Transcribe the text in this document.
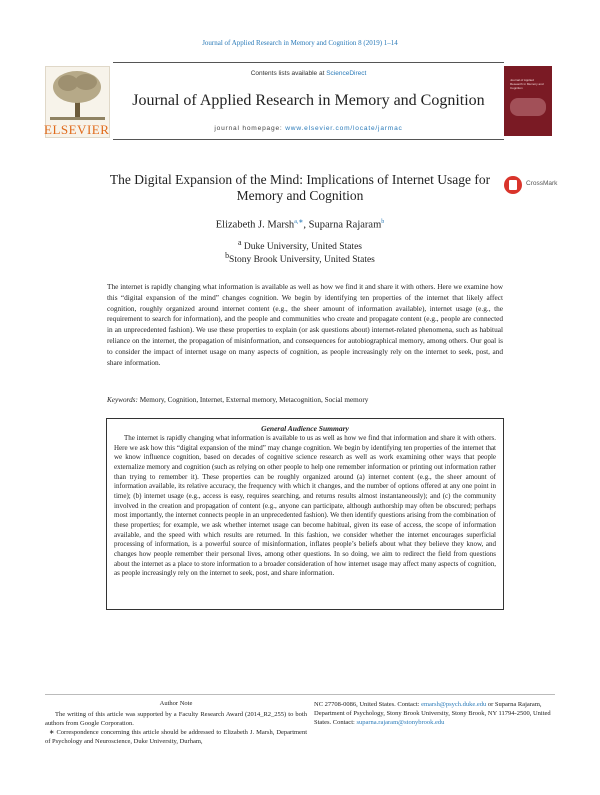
Journal of Applied Research in Memory and Cognition 8 (2019) 1–14
ELSEVIER
Contents lists available at ScienceDirect
Journal of Applied Research in Memory and Cognition
journal homepage: www.elsevier.com/locate/jarmac
Journal of Applied Research in Memory and Cognition
The Digital Expansion of the Mind: Implications of Internet Usage for Memory and Cognition
CrossMark
Elizabeth J. Marsh$^{a,∗}$, Suparna Rajaram$^b$
$^a$ Duke University, United States
$^b$Stony Brook University, United States
The internet is rapidly changing what information is available as well as how we find it and share it with others. Here we examine how this “digital expansion of the mind” changes cognition. We begin by identifying ten properties of the internet that likely affect cognition, roughly organized around internet content (e.g., the sheer amount of information available), internet usage (e.g., the requirement to search for information), and the people and communities who create and propagate content (e.g., people are connected in an unprecedented fashion). We use these properties to explain (or ask questions about) internet-related phenomena, such as habitual reliance on the internet, the propagation of misinformation, and consequences for autobiographical memory, among others. Our goal is to consider the impact of internet usage on many aspects of cognition, as people increasingly rely on the internet to seek, post, and share information.
Keywords: Memory, Cognition, Internet, External memory, Metacognition, Social memory
General Audience Summary
The internet is rapidly changing what information is available to us as well as how we find that information and share it with others. Here we ask how this “digital expansion of the mind” may change cognition. We begin by identifying ten properties of the internet that we know influence cognition, based on decades of cognitive science research as well as work examining other ways that people externalize memory and cognition (such as relying on other people to help one remember information or printing out information rather than trying to remember it). These properties can be roughly organized around (a) internet content (e.g., the sheer amount of information available, its relative accuracy, the frequency with which it changes, and the number of options offered at any one point in time); (b) internet usage (e.g., access is easy, requires searching, and returns results almost instantaneously); and (c) the community involved in the creation and propagation of content (e.g., anyone can participate, although authorship may often be obscured; perhaps most importantly, the internet connects people in an unprecedented fashion). We then identify questions arising from the combination of these properties; for example, we ask whether internet usage can become habitual, given its ease of access, the scope of information available, and the speed with which results are returned. In this fashion, we consider whether the internet encourages superficial processing of information, is a powerful source of misinformation, inflates people’s beliefs about what they believe they know, and changes how people remember their personal lives, among other questions. In so doing, we aim to redirect the field from questions about the internet as a place to store information to a broader consideration of how internet usage may affect many aspects of cognition, as people increasingly rely on the internet to seek, post, and share information.
Author Note
The writing of this article was supported by a Faculty Research Award (2014_R2_255) to both authors from Google Corporation.
∗ Correspondence concerning this article should be addressed to Elizabeth J. Marsh, Department of Psychology and Neuroscience, Duke University, Durham,
NC 27708-0086, United States. Contact: emarsh@psych.duke.edu or Suparna Rajaram, Department of Psychology, Stony Brook University, Stony Brook, NY 11794-2500, United States. Contact: suparna.rajaram@stonybrook.edu
